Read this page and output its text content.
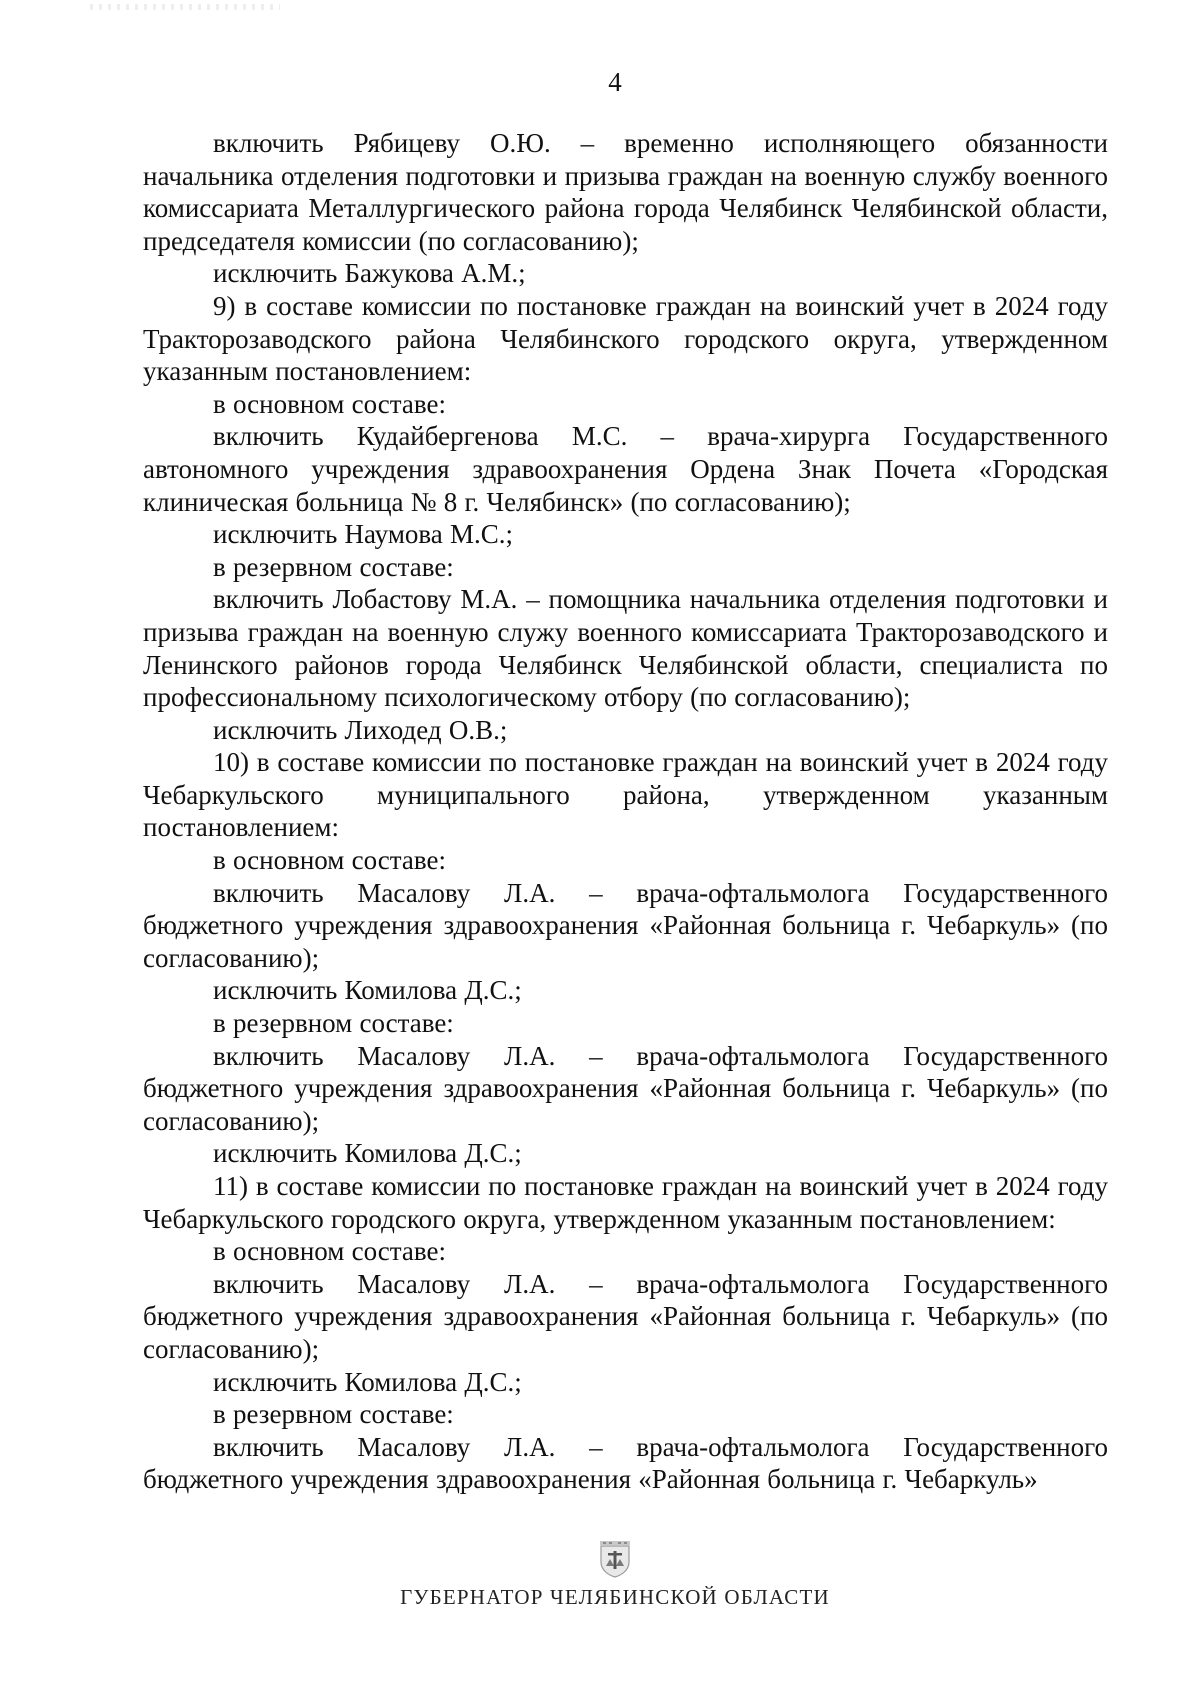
4

включить Рябицеву О.Ю. – временно исполняющего обязанности начальника отделения подготовки и призыва граждан на военную службу военного комиссариата Металлургического района города Челябинск Челябинской области, председателя комиссии (по согласованию);

исключить Бажукова А.М.;

9) в составе комиссии по постановке граждан на воинский учет в 2024 году Тракторозаводского района Челябинского городского округа, утвержденном указанным постановлением:

в основном составе:

включить Кудайбергенова М.С. – врача-хирурга Государственного автономного учреждения здравоохранения Ордена Знак Почета «Городская клиническая больница № 8 г. Челябинск» (по согласованию);

исключить Наумова М.С.;

в резервном составе:

включить Лобастову М.А. – помощника начальника отделения подготовки и призыва граждан на военную служу военного комиссариата Тракторозаводского и Ленинского районов города Челябинск Челябинской области, специалиста по профессиональному психологическому отбору (по согласованию);

исключить Лиходед О.В.;

10) в составе комиссии по постановке граждан на воинский учет в 2024 году Чебаркульского муниципального района, утвержденном указанным постановлением:

в основном составе:

включить Масалову Л.А. – врача-офтальмолога Государственного бюджетного учреждения здравоохранения «Районная больница г. Чебаркуль» (по согласованию);

исключить Комилова Д.С.;

в резервном составе:

включить Масалову Л.А. – врача-офтальмолога Государственного бюджетного учреждения здравоохранения «Районная больница г. Чебаркуль» (по согласованию);

исключить Комилова Д.С.;

11) в составе комиссии по постановке граждан на воинский учет в 2024 году Чебаркульского городского округа, утвержденном указанным постановлением:

в основном составе:

включить Масалову Л.А. – врача-офтальмолога Государственного бюджетного учреждения здравоохранения «Районная больница г. Чебаркуль» (по согласованию);

исключить Комилова Д.С.;

в резервном составе:

включить Масалову Л.А. – врача-офтальмолога Государственного бюджетного учреждения здравоохранения «Районная больница г. Чебаркуль»

ГУБЕРНАТОР ЧЕЛЯБИНСКОЙ ОБЛАСТИ
